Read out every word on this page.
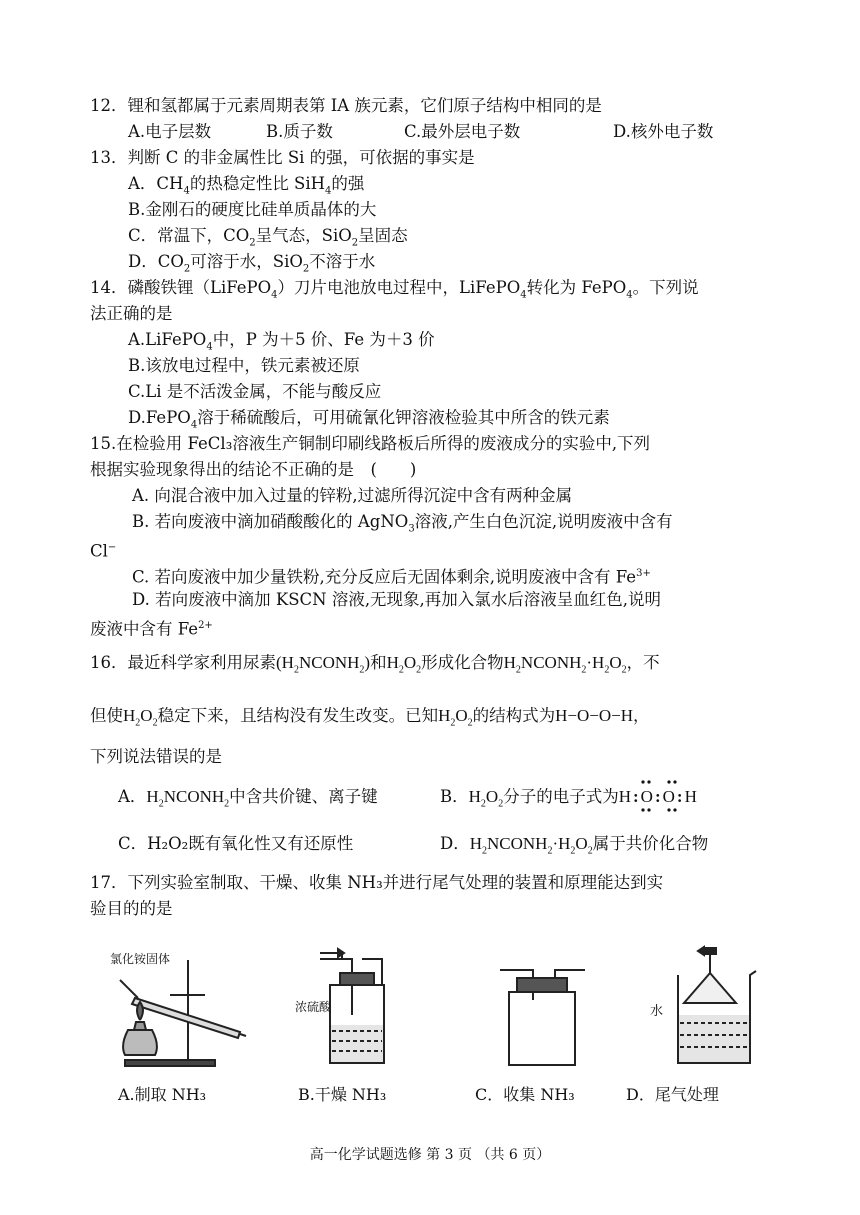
12．锂和氢都属于元素周期表第 IA 族元素，它们原子结构中相同的是
A.电子层数	B.质子数	C.最外层电子数	D.核外电子数
13．判断 C 的非金属性比 Si 的强，可依据的事实是
A．$CH_4$的热稳定性比 SiH$_4$的强
B.金刚石的硬度比硅单质晶体的大
C．常温下，$CO_2$呈气态，SiO$_2$呈固态
D．$CO_2$可溶于水，SiO$_2$不溶于水
14．磷酸铁锂（LiFePO$_4$）刀片电池放电过程中，LiFePO$_4$转化为 FePO$_4$。下列说
法正确的是
A.LiFePO$_4$中，P 为＋5 价、Fe 为＋3 价
B.该放电过程中，铁元素被还原
C.Li 是不活泼金属，不能与酸反应
D.FePO$_4$溶于稀硫酸后，可用硫氰化钾溶液检验其中所含的铁元素
15.在检验用 FeCl₃溶液生产铜制印刷线路板后所得的废液成分的实验中,下列
根据实验现象得出的结论不正确的是　(　　)
A. 向混合液中加入过量的锌粉,过滤所得沉淀中含有两种金属
B. 若向废液中滴加硝酸酸化的 AgNO$_3$溶液,产生白色沉淀,说明废液中含有
Cl−
C. 若向废液中加少量铁粉,充分反应后无固体剩余,说明废液中含有 $Fe^{3+}$
D. 若向废液中滴加 KSCN 溶液,无现象,再加入氯水后溶液呈血红色,说明
废液中含有 $Fe^{2+}$
16．最近科学家利用尿素$(H_2NCONH_2)$和$H_2O_2$形成化合物$H_2NCONH_2\cdot H_2O_2$，不
但使$H_2O_2$稳定下来，且结构没有发生改变。已知$H_2O_2$的结构式为H−O−O−H，
下列说法错误的是
A．$H_2NCONH_2$中含共价键、离子键	B．$H_2O_2$分子的电子式为H:O:O:H
C．H₂O₂既有氧化性又有还原性	D．$H_2NCONH_2\cdot H_2O_2$属于共价化合物
17．下列实验室制取、干燥、收集 NH₃并进行尾气处理的装置和原理能达到实
验目的的是
氯化铵固体
浓硫酸	水
A.制取 NH₃	B.干燥 NH₃	C．收集 NH₃	D．尾气处理
高一化学试题选修 第 3 页 （共 6 页）
